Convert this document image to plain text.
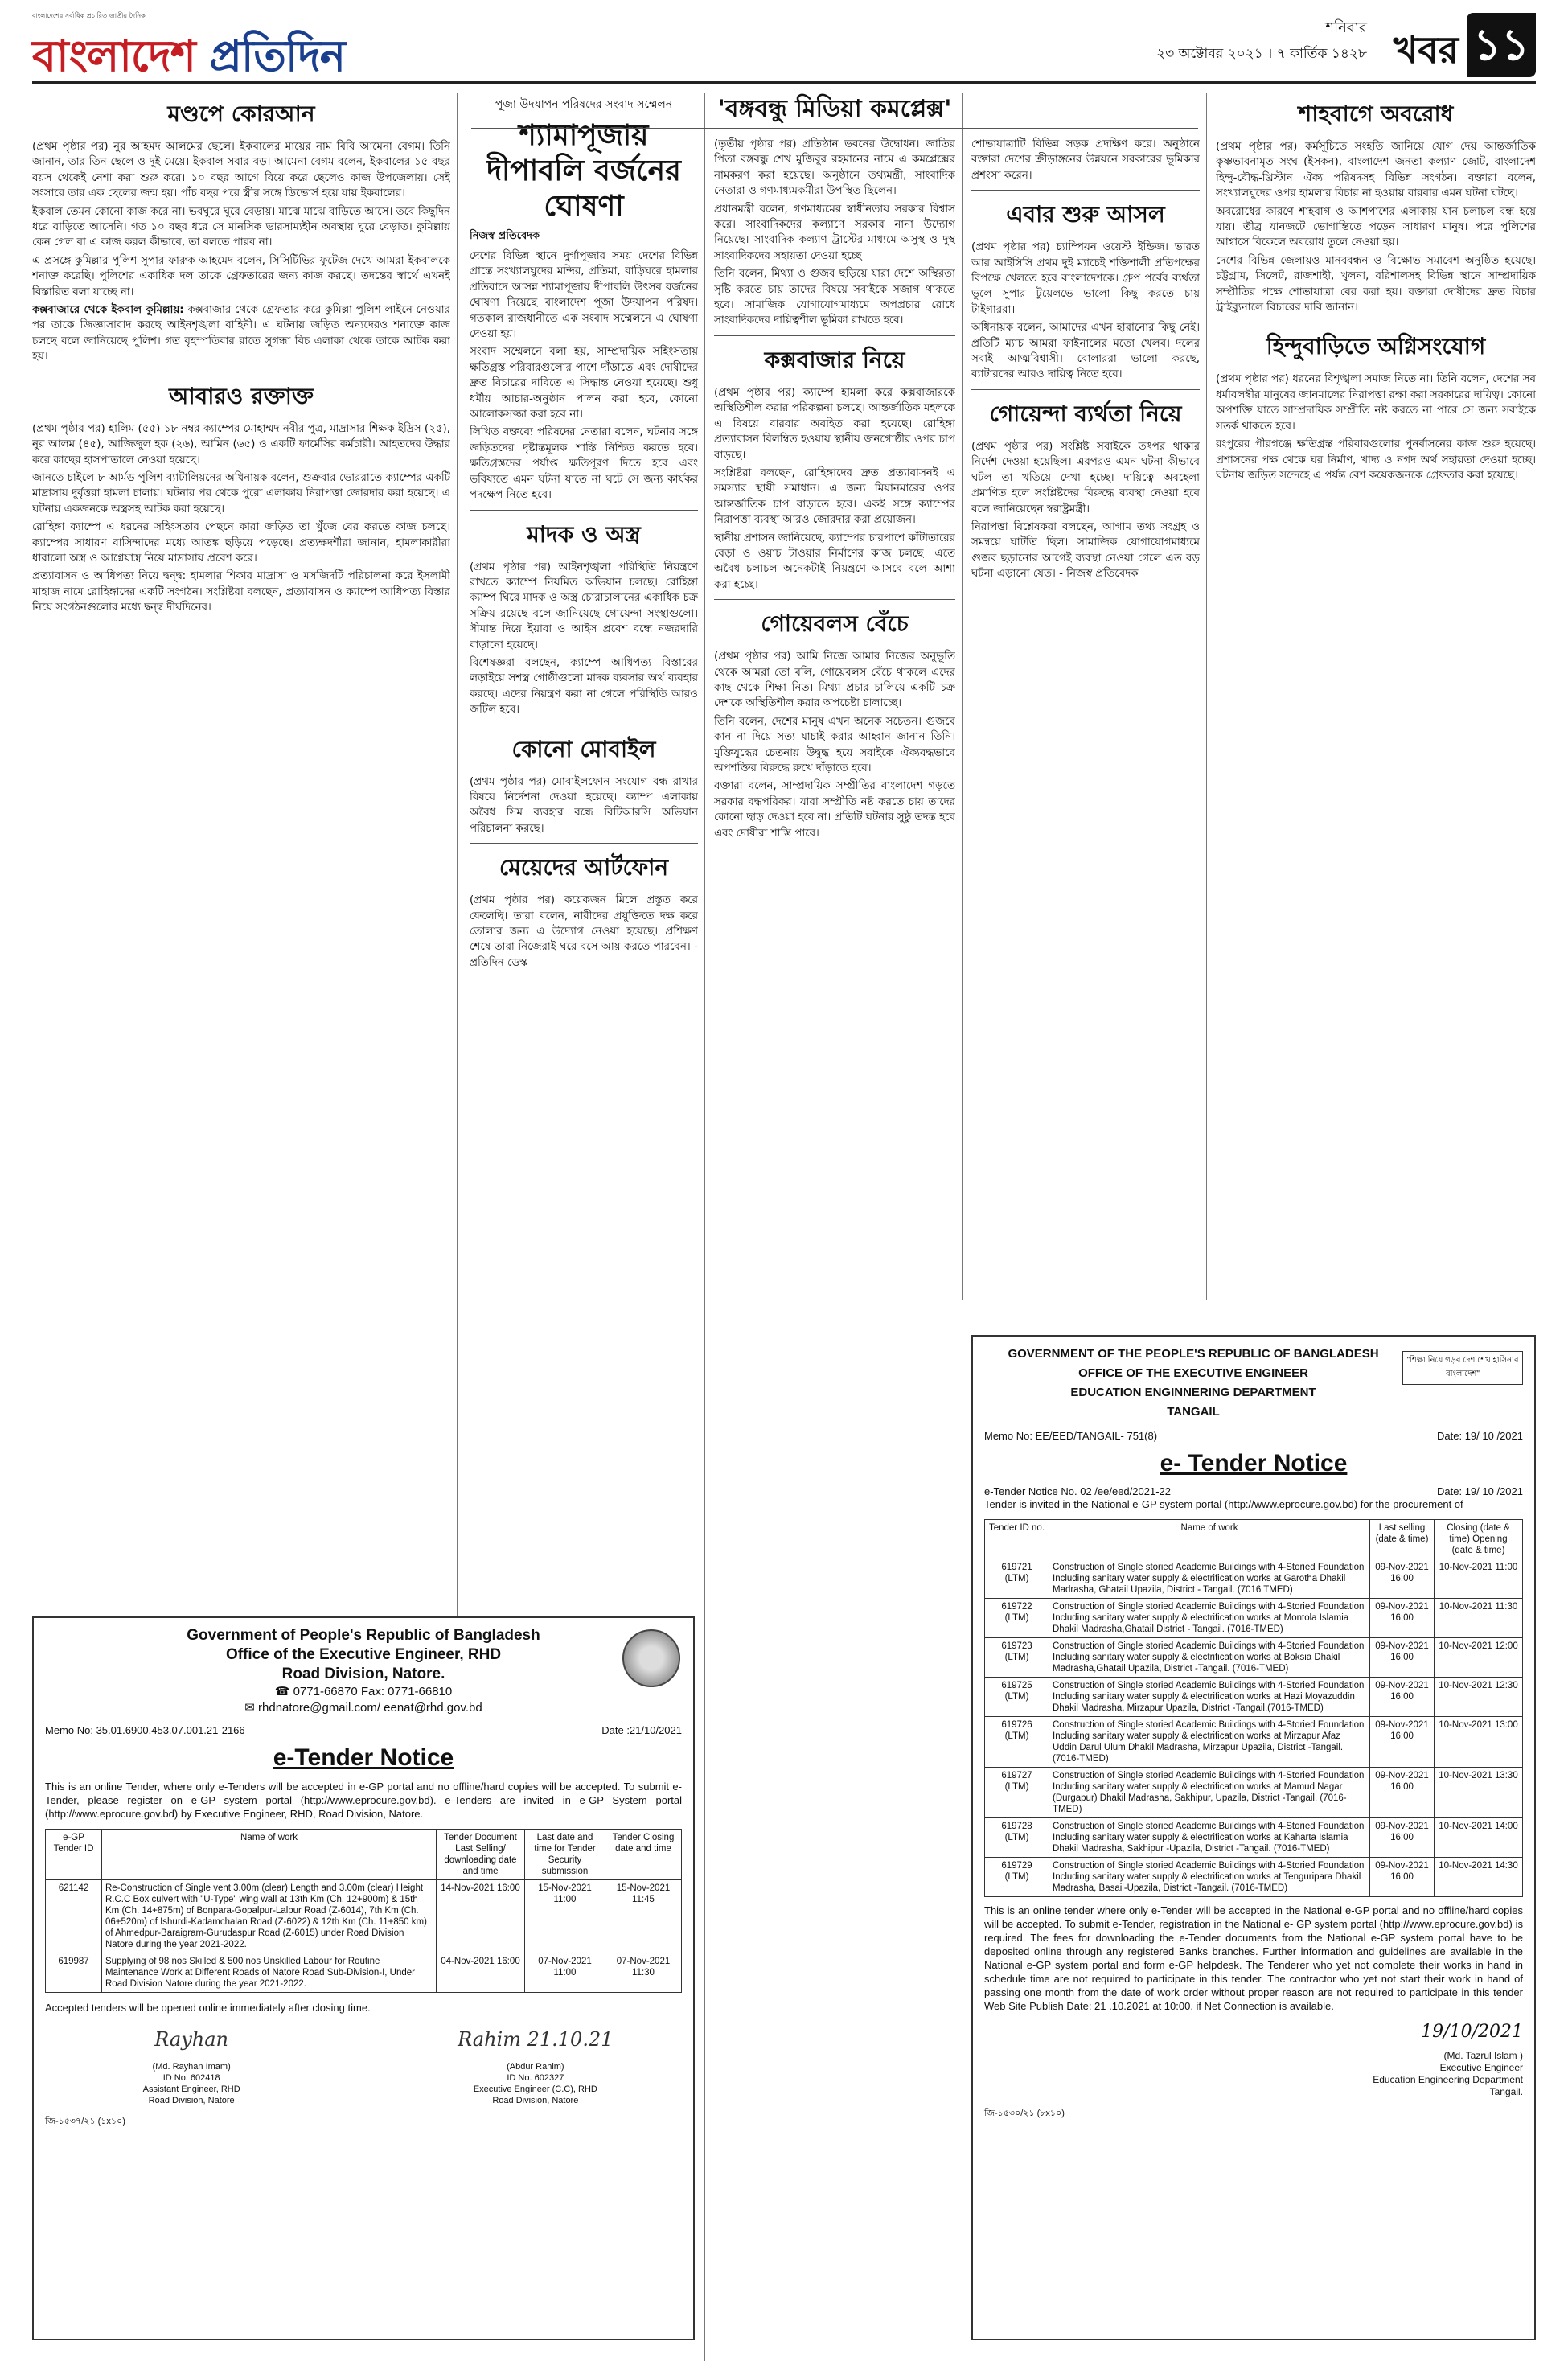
বাংলাদেশের সর্বাধিক প্রচারিত জাতীয় দৈনিক
বাংলাদেশ প্রতিদিন
শনিবার
২৩ অক্টোবর ২০২১ । ৭ কার্তিক ১৪২৮ খবর ১১
মণ্ডপে কোরআন

(প্রথম পৃষ্ঠার পর) নুর আহমদ আলমের ছেলে। ইকবালের মায়ের নাম বিবি আমেনা বেগম। তিনি জানান, তার তিন ছেলে ও দুই মেয়ে। ইকবাল সবার বড়। আমেনা বেগম বলেন, ইকবালের ১৫ বছর বয়স থেকেই নেশা করা শুরু করে। ১০ বছর আগে বিয়ে করে ছেলেও কাজ উপজেলায়। সেই সংসারে তার এক ছেলের জন্ম হয়। পাঁচ বছর পরে স্ত্রীর সঙ্গে ডিভোর্স হয়ে যায় ইকবালের।

ইকবাল তেমন কোনো কাজ করে না। ভবঘুরে ঘুরে বেড়ায়। মাঝে মাঝে বাড়িতে আসে। তবে কিছুদিন ধরে বাড়িতে আসেনি। গত ১০ বছর ধরে সে মানসিক ভারসাম্যহীন অবস্থায় ঘুরে বেড়াত। কুমিল্লায় কেন গেল বা এ কাজ করল কীভাবে, তা বলতে পারব না।

এ প্রসঙ্গে কুমিল্লার পুলিশ সুপার ফারুক আহমেদ বলেন, সিসিটিভির ফুটেজ দেখে আমরা ইকবালকে শনাক্ত করেছি। পুলিশের একাধিক দল তাকে গ্রেফতারের জন্য কাজ করছে। তদন্তের স্বার্থে এখনই বিস্তারিত বলা যাচ্ছে না।

কক্সবাজারে থেকে ইকবাল কুমিল্লায়: কক্সবাজার থেকে গ্রেফতার করে কুমিল্লা পুলিশ লাইনে নেওয়ার পর তাকে জিজ্ঞাসাবাদ করছে আইনশৃঙ্খলা বাহিনী। এ ঘটনায় জড়িত অন্যদেরও শনাক্তে কাজ চলছে বলে জানিয়েছে পুলিশ। গত বৃহস্পতিবার রাতে সুগন্ধা বিচ এলাকা থেকে তাকে আটক করা হয়।

আবারও রক্তাক্ত

(প্রথম পৃষ্ঠার পর) হালিম (৫৫) ১৮ নম্বর ক্যাম্পের মোহাম্মদ নবীর পুত্র, মাদ্রাসার শিক্ষক ইদ্রিস (২৫), নুর আলম (৪৫), আজিজুল হক (২৬), আমিন (৬৫) ও একটি ফার্মেসির কর্মচারী। আহতদের উদ্ধার করে কাছের হাসপাতালে নেওয়া হয়েছে।

জানতে চাইলে ৮ আর্মড পুলিশ ব্যাটালিয়নের অধিনায়ক বলেন, শুক্রবার ভোররাতে ক্যাম্পের একটি মাদ্রাসায় দুর্বৃত্তরা হামলা চালায়। ঘটনার পর থেকে পুরো এলাকায় নিরাপত্তা জোরদার করা হয়েছে। এ ঘটনায় একজনকে অস্ত্রসহ আটক করা হয়েছে।

রোহিঙ্গা ক্যাম্পে এ ধরনের সহিংসতার পেছনে কারা জড়িত তা খুঁজে বের করতে কাজ চলছে। ক্যাম্পের সাধারণ বাসিন্দাদের মধ্যে আতঙ্ক ছড়িয়ে পড়েছে। প্রত্যক্ষদর্শীরা জানান, হামলাকারীরা ধারালো অস্ত্র ও আগ্নেয়াস্ত্র নিয়ে মাদ্রাসায় প্রবেশ করে।

প্রত্যাবাসন ও আধিপত্য নিয়ে দ্বন্দ্ব: হামলার শিকার মাদ্রাসা ও মসজিদটি পরিচালনা করে ইসলামী মাহাজ নামে রোহিঙ্গাদের একটি সংগঠন। সংশ্লিষ্টরা বলছেন, প্রত্যাবাসন ও ক্যাম্পে আধিপত্য বিস্তার নিয়ে সংগঠনগুলোর মধ্যে দ্বন্দ্ব দীর্ঘদিনের।

পূজা উদযাপন পরিষদের সংবাদ সম্মেলন
শ্যামাপূজায় দীপাবলি বর্জনের ঘোষণা
নিজস্ব প্রতিবেদক

দেশের বিভিন্ন স্থানে দুর্গাপূজার সময় দেশের বিভিন্ন প্রান্তে সংখ্যালঘুদের মন্দির, প্রতিমা, বাড়িঘরে হামলার প্রতিবাদে আসন্ন শ্যামাপূজায় দীপাবলি উৎসব বর্জনের ঘোষণা দিয়েছে বাংলাদেশ পূজা উদযাপন পরিষদ। গতকাল রাজধানীতে এক সংবাদ সম্মেলনে এ ঘোষণা দেওয়া হয়।

সংবাদ সম্মেলনে বলা হয়, সাম্প্রদায়িক সহিংসতায় ক্ষতিগ্রস্ত পরিবারগুলোর পাশে দাঁড়াতে এবং দোষীদের দ্রুত বিচারের দাবিতে এ সিদ্ধান্ত নেওয়া হয়েছে। শুধু ধর্মীয় আচার-অনুষ্ঠান পালন করা হবে, কোনো আলোকসজ্জা করা হবে না।

লিখিত বক্তব্যে পরিষদের নেতারা বলেন, ঘটনার সঙ্গে জড়িতদের দৃষ্টান্তমূলক শাস্তি নিশ্চিত করতে হবে। ক্ষতিগ্রস্তদের পর্যাপ্ত ক্ষতিপূরণ দিতে হবে এবং ভবিষ্যতে এমন ঘটনা যাতে না ঘটে সে জন্য কার্যকর পদক্ষেপ নিতে হবে।

মাদক ও অস্ত্র

(প্রথম পৃষ্ঠার পর) আইনশৃঙ্খলা পরিস্থিতি নিয়ন্ত্রণে রাখতে ক্যাম্পে নিয়মিত অভিযান চলছে। রোহিঙ্গা ক্যাম্প ঘিরে মাদক ও অস্ত্র চোরাচালানের একাধিক চক্র সক্রিয় রয়েছে বলে জানিয়েছে গোয়েন্দা সংস্থাগুলো। সীমান্ত দিয়ে ইয়াবা ও আইস প্রবেশ বন্ধে নজরদারি বাড়ানো হয়েছে।

বিশেষজ্ঞরা বলছেন, ক্যাম্পে আধিপত্য বিস্তারের লড়াইয়ে সশস্ত্র গোষ্ঠীগুলো মাদক ব্যবসার অর্থ ব্যবহার করছে। এদের নিয়ন্ত্রণ করা না গেলে পরিস্থিতি আরও জটিল হবে।

কোনো মোবাইল

(প্রথম পৃষ্ঠার পর) মোবাইলফোন সংযোগ বন্ধ রাখার বিষয়ে নির্দেশনা দেওয়া হয়েছে। ক্যাম্প এলাকায় অবৈধ সিম ব্যবহার বন্ধে বিটিআরসি অভিযান পরিচালনা করছে।

মেয়েদের আর্টফোন

(প্রথম পৃষ্ঠার পর) কয়েকজন মিলে প্রস্তুত করে ফেলেছি। তারা বলেন, নারীদের প্রযুক্তিতে দক্ষ করে তোলার জন্য এ উদ্যোগ নেওয়া হয়েছে। প্রশিক্ষণ শেষে তারা নিজেরাই ঘরে বসে আয় করতে পারবেন। - প্রতিদিন ডেস্ক

'বঙ্গবন্ধু মিডিয়া কমপ্লেক্স'

(তৃতীয় পৃষ্ঠার পর) প্রতিষ্ঠান ভবনের উদ্বোধন। জাতির পিতা বঙ্গবন্ধু শেখ মুজিবুর রহমানের নামে এ কমপ্লেক্সের নামকরণ করা হয়েছে। অনুষ্ঠানে তথ্যমন্ত্রী, সাংবাদিক নেতারা ও গণমাধ্যমকর্মীরা উপস্থিত ছিলেন।

প্রধানমন্ত্রী বলেন, গণমাধ্যমের স্বাধীনতায় সরকার বিশ্বাস করে। সাংবাদিকদের কল্যাণে সরকার নানা উদ্যোগ নিয়েছে। সাংবাদিক কল্যাণ ট্রাস্টের মাধ্যমে অসুস্থ ও দুস্থ সাংবাদিকদের সহায়তা দেওয়া হচ্ছে।

তিনি বলেন, মিথ্যা ও গুজব ছড়িয়ে যারা দেশে অস্থিরতা সৃষ্টি করতে চায় তাদের বিষয়ে সবাইকে সজাগ থাকতে হবে। সামাজিক যোগাযোগমাধ্যমে অপপ্রচার রোধে সাংবাদিকদের দায়িত্বশীল ভূমিকা রাখতে হবে।

কক্সবাজার নিয়ে

(প্রথম পৃষ্ঠার পর) ক্যাম্পে হামলা করে কক্সবাজারকে অস্থিতিশীল করার পরিকল্পনা চলছে। আন্তর্জাতিক মহলকে এ বিষয়ে বারবার অবহিত করা হয়েছে। রোহিঙ্গা প্রত্যাবাসন বিলম্বিত হওয়ায় স্থানীয় জনগোষ্ঠীর ওপর চাপ বাড়ছে।

সংশ্লিষ্টরা বলছেন, রোহিঙ্গাদের দ্রুত প্রত্যাবাসনই এ সমস্যার স্থায়ী সমাধান। এ জন্য মিয়ানমারের ওপর আন্তর্জাতিক চাপ বাড়াতে হবে। একই সঙ্গে ক্যাম্পের নিরাপত্তা ব্যবস্থা আরও জোরদার করা প্রয়োজন।

স্থানীয় প্রশাসন জানিয়েছে, ক্যাম্পের চারপাশে কাঁটাতারের বেড়া ও ওয়াচ টাওয়ার নির্মাণের কাজ চলছে। এতে অবৈধ চলাচল অনেকটাই নিয়ন্ত্রণে আসবে বলে আশা করা হচ্ছে।

গোয়েবলস বেঁচে

(প্রথম পৃষ্ঠার পর) আমি নিজে আমার নিজের অনুভূতি থেকে আমরা তো বলি, গোয়েবলস বেঁচে থাকলে এদের কাছ থেকে শিক্ষা নিত। মিথ্যা প্রচার চালিয়ে একটি চক্র দেশকে অস্থিতিশীল করার অপচেষ্টা চালাচ্ছে।

তিনি বলেন, দেশের মানুষ এখন অনেক সচেতন। গুজবে কান না দিয়ে সত্য যাচাই করার আহ্বান জানান তিনি। মুক্তিযুদ্ধের চেতনায় উদ্বুদ্ধ হয়ে সবাইকে ঐক্যবদ্ধভাবে অপশক্তির বিরুদ্ধে রুখে দাঁড়াতে হবে।

বক্তারা বলেন, সাম্প্রদায়িক সম্প্রীতির বাংলাদেশ গড়তে সরকার বদ্ধপরিকর। যারা সম্প্রীতি নষ্ট করতে চায় তাদের কোনো ছাড় দেওয়া হবে না। প্রতিটি ঘটনার সুষ্ঠু তদন্ত হবে এবং দোষীরা শাস্তি পাবে।

শোভাযাত্রাটি বিভিন্ন সড়ক প্রদক্ষিণ করে। অনুষ্ঠানে বক্তারা দেশের ক্রীড়াঙ্গনের উন্নয়নে সরকারের ভূমিকার প্রশংসা করেন।

এবার শুরু আসল

(প্রথম পৃষ্ঠার পর) চ্যাম্পিয়ন ওয়েস্ট ইন্ডিজ। ভারত আর আইসিসি প্রথম দুই ম্যাচেই শক্তিশালী প্রতিপক্ষের বিপক্ষে খেলতে হবে বাংলাদেশকে। গ্রুপ পর্বের ব্যর্থতা ভুলে সুপার টুয়েলভে ভালো কিছু করতে চায় টাইগাররা।

অধিনায়ক বলেন, আমাদের এখন হারানোর কিছু নেই। প্রতিটি ম্যাচ আমরা ফাইনালের মতো খেলব। দলের সবাই আত্মবিশ্বাসী। বোলাররা ভালো করছে, ব্যাটারদের আরও দায়িত্ব নিতে হবে।

গোয়েন্দা ব্যর্থতা নিয়ে

(প্রথম পৃষ্ঠার পর) সংশ্লিষ্ট সবাইকে তৎপর থাকার নির্দেশ দেওয়া হয়েছিল। এরপরও এমন ঘটনা কীভাবে ঘটল তা খতিয়ে দেখা হচ্ছে। দায়িত্বে অবহেলা প্রমাণিত হলে সংশ্লিষ্টদের বিরুদ্ধে ব্যবস্থা নেওয়া হবে বলে জানিয়েছেন স্বরাষ্ট্রমন্ত্রী।

নিরাপত্তা বিশ্লেষকরা বলছেন, আগাম তথ্য সংগ্রহ ও সমন্বয়ে ঘাটতি ছিল। সামাজিক যোগাযোগমাধ্যমে গুজব ছড়ানোর আগেই ব্যবস্থা নেওয়া গেলে এত বড় ঘটনা এড়ানো যেত। - নিজস্ব প্রতিবেদক

শাহবাগে অবরোধ

(প্রথম পৃষ্ঠার পর) কর্মসূচিতে সংহতি জানিয়ে যোগ দেয় আন্তর্জাতিক কৃষ্ণভাবনামৃত সংঘ (ইসকন), বাংলাদেশ জনতা কল্যাণ জোট, বাংলাদেশ হিন্দু-বৌদ্ধ-খ্রিস্টান ঐক্য পরিষদসহ বিভিন্ন সংগঠন। বক্তারা বলেন, সংখ্যালঘুদের ওপর হামলার বিচার না হওয়ায় বারবার এমন ঘটনা ঘটছে।

অবরোধের কারণে শাহবাগ ও আশপাশের এলাকায় যান চলাচল বন্ধ হয়ে যায়। তীব্র যানজটে ভোগান্তিতে পড়েন সাধারণ মানুষ। পরে পুলিশের আশ্বাসে বিকেলে অবরোধ তুলে নেওয়া হয়।

দেশের বিভিন্ন জেলায়ও মানববন্ধন ও বিক্ষোভ সমাবেশ অনুষ্ঠিত হয়েছে। চট্টগ্রাম, সিলেট, রাজশাহী, খুলনা, বরিশালসহ বিভিন্ন স্থানে সাম্প্রদায়িক সম্প্রীতির পক্ষে শোভাযাত্রা বের করা হয়। বক্তারা দোষীদের দ্রুত বিচার ট্রাইব্যুনালে বিচারের দাবি জানান।

হিন্দুবাড়িতে অগ্নিসংযোগ

(প্রথম পৃষ্ঠার পর) ধরনের বিশৃঙ্খলা সমাজ নিতে না। তিনি বলেন, দেশের সব ধর্মাবলম্বীর মানুষের জানমালের নিরাপত্তা রক্ষা করা সরকারের দায়িত্ব। কোনো অপশক্তি যাতে সাম্প্রদায়িক সম্প্রীতি নষ্ট করতে না পারে সে জন্য সবাইকে সতর্ক থাকতে হবে।

রংপুরের পীরগঞ্জে ক্ষতিগ্রস্ত পরিবারগুলোর পুনর্বাসনের কাজ শুরু হয়েছে। প্রশাসনের পক্ষ থেকে ঘর নির্মাণ, খাদ্য ও নগদ অর্থ সহায়তা দেওয়া হচ্ছে। ঘটনায় জড়িত সন্দেহে এ পর্যন্ত বেশ কয়েকজনকে গ্রেফতার করা হয়েছে।

Government of People's Republic of Bangladesh
Office of the Executive Engineer, RHD
Road Division, Natore.
☎ 0771-66870 Fax: 0771-66810
✉ rhdnatore@gmail.com/ eenat@rhd.gov.bd
Memo No: 35.01.6900.453.07.001.21-2166	Date :21/10/2021
e-Tender Notice
This is an online Tender, where only e-Tenders will be accepted in e-GP portal and no offline/hard copies will be accepted. To submit e-Tender, please register on e-GP system portal (http://www.eprocure.gov.bd). e-Tenders are invited in e-GP System portal (http://www.eprocure.gov.bd) by Executive Engineer, RHD, Road Division, Natore.
e-GP Tender ID	Name of work	Tender Document Last Selling/ downloading date and time	Last date and time for Tender Security submission	Tender Closing date and time
621142	Re-Construction of Single vent 3.00m (clear) Length and 3.00m (clear) Height R.C.C Box culvert with "U-Type" wing wall at 13th Km (Ch. 12+900m) & 15th Km (Ch. 14+875m) of Bonpara-Gopalpur-Lalpur Road (Z-6014), 7th Km (Ch. 06+520m) of Ishurdi-Kadamchalan Road (Z-6022) & 12th Km (Ch. 11+850 km) of Ahmedpur-Baraigram-Gurudaspur Road (Z-6015) under Road Division Natore during the year 2021-2022.	14-Nov-2021 16:00	15-Nov-2021 11:00	15-Nov-2021 11:45
619987	Supplying of 98 nos Skilled & 500 nos Unskilled Labour for Routine Maintenance Work at Different Roads of Natore Road Sub-Division-I, Under Road Division Natore during the year 2021-2022.	04-Nov-2021 16:00	07-Nov-2021 11:00	07-Nov-2021 11:30
Accepted tenders will be opened online immediately after closing time.
Rayhan
(Md. Rayhan Imam)
ID No. 602418
Assistant Engineer, RHD
Road Division, Natore
Rahim 21.10.21
(Abdur Rahim)
ID No. 602327
Executive Engineer (C.C), RHD
Road Division, Natore
জি-১৫৩৭/২১ (১x১০)
"শিক্ষা নিয়ে গড়ব দেশ শেখ হাসিনার বাংলাদেশ"
GOVERNMENT OF THE PEOPLE'S REPUBLIC OF BANGLADESH
OFFICE OF THE EXECUTIVE ENGINEER
EDUCATION ENGINNERING DEPARTMENT
TANGAIL
Memo No: EE/EED/TANGAIL- 751(8)	Date: 19/ 10 /2021
e- Tender Notice
e-Tender Notice No. 02 /ee/eed/2021-22	Date: 19/ 10 /2021
Tender is invited in the National e-GP system portal (http://www.eprocure.gov.bd) for the procurement of
Tender ID no.	Name of work	Last selling (date & time)	Closing (date & time) Opening (date & time)
619721 (LTM)	Construction of Single storied Academic Buildings with 4-Storied Foundation Including sanitary water supply & electrification works at Garotha Dhakil Madrasha, Ghatail Upazila, District - Tangail. (7016 TMED)	09-Nov-2021 16:00	10-Nov-2021 11:00
619722 (LTM)	Construction of Single storied Academic Buildings with 4-Storied Foundation Including sanitary water supply & electrification works at Montola Islamia Dhakil Madrasha,Ghatail District - Tangail. (7016-TMED)	09-Nov-2021 16:00	10-Nov-2021 11:30
619723 (LTM)	Construction of Single storied Academic Buildings with 4-Storied Foundation Including sanitary water supply & electrification works at Boksia Dhakil Madrasha,Ghatail Upazila, District -Tangail. (7016-TMED)	09-Nov-2021 16:00	10-Nov-2021 12:00
619725 (LTM)	Construction of Single storied Academic Buildings with 4-Storied Foundation Including sanitary water supply & electrification works at Hazi Moyazuddin Dhakil Madrasha, Mirzapur Upazila, District -Tangail.(7016-TMED)	09-Nov-2021 16:00	10-Nov-2021 12:30
619726 (LTM)	Construction of Single storied Academic Buildings with 4-Storied Foundation Including sanitary water supply & electrification works at Mirzapur Afaz Uddin Darul Ulum Dhakil Madrasha, Mirzapur Upazila, District -Tangail. (7016-TMED)	09-Nov-2021 16:00	10-Nov-2021 13:00
619727 (LTM)	Construction of Single storied Academic Buildings with 4-Storied Foundation Including sanitary water supply & electrification works at Mamud Nagar (Durgapur) Dhakil Madrasha, Sakhipur, Upazila, District -Tangail. (7016-TMED)	09-Nov-2021 16:00	10-Nov-2021 13:30
619728 (LTM)	Construction of Single storied Academic Buildings with 4-Storied Foundation Including sanitary water supply & electrification works at Kaharta Islamia Dhakil Madrasha, Sakhipur -Upazila, District -Tangail. (7016-TMED)	09-Nov-2021 16:00	10-Nov-2021 14:00
619729 (LTM)	Construction of Single storied Academic Buildings with 4-Storied Foundation Including sanitary water supply & electrification works at Tenguripara Dhakil Madrasha, Basail-Upazila, District -Tangail. (7016-TMED)	09-Nov-2021 16:00	10-Nov-2021 14:30
This is an online tender where only e-Tender will be accepted in the National e-GP portal and no offline/hard copies will be accepted. To submit e-Tender, registration in the National e- GP system portal (http://www.eprocure.gov.bd) is required. The fees for downloading the e-Tender documents from the National e-GP system portal have to be deposited online through any registered Banks branches. Further information and guidelines are available in the National e-GP system portal and form e-GP helpdesk. The Tenderer who yet not complete their works in hand in schedule time are not required to participate in this tender. The contractor who yet not start their work in hand of passing one month from the date of work order without proper reason are not required to participate in this tender Web Site Publish Date: 21 .10.2021 at 10:00, if Net Connection is available.
19/10/2021
(Md. Tazrul Islam )
Executive Engineer
Education Engineering Department
Tangail.
জি-১৫৩০/২১ (৮x১০)
